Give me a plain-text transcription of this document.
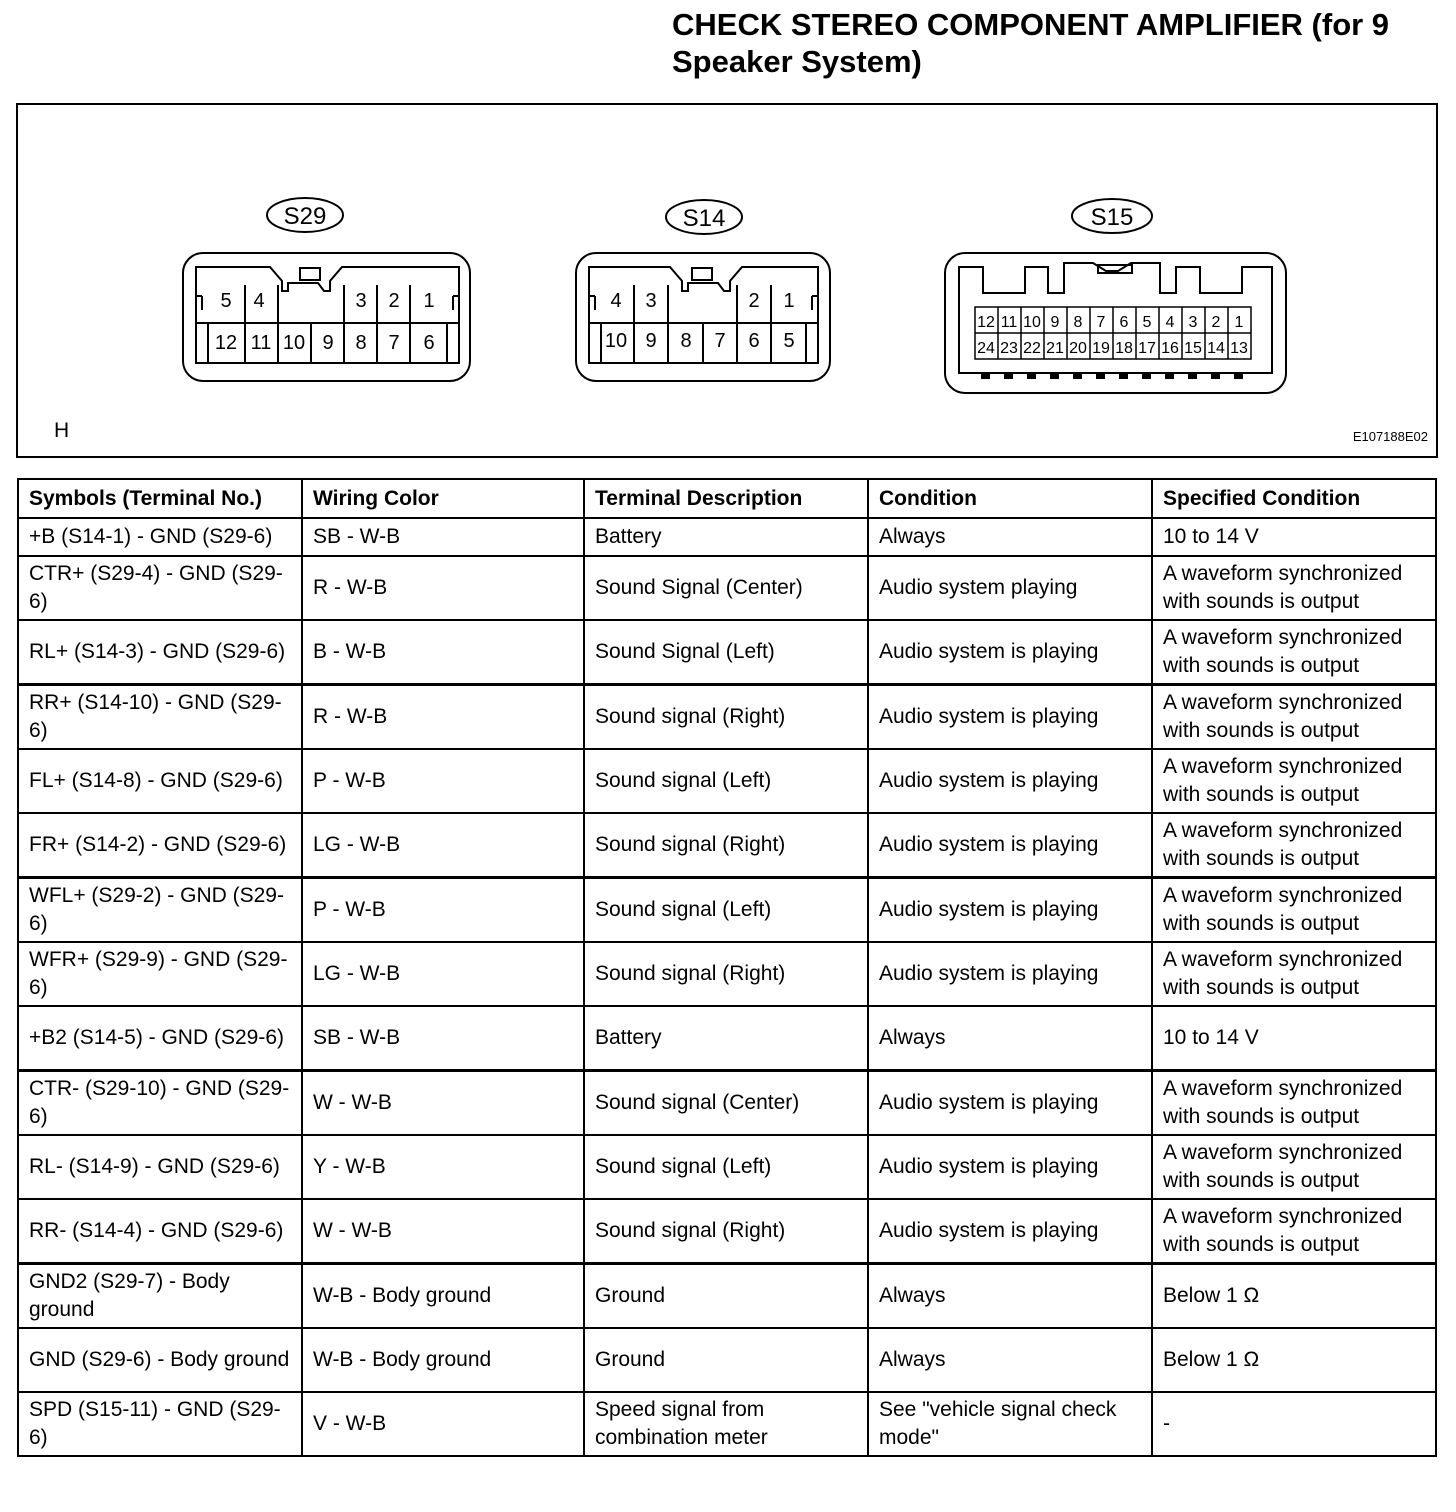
CHECK STEREO COMPONENT AMPLIFIER (for 9 Speaker System)
S29
5 4	3 2 1
12 11 10 9 8 7 6
S14
4 3	2 1
10 9 8 7 6 5
S15
12 11 10 9 8 7 6 5 4 3 2 1
24 23 22 21 20 19 18 17 16 15 14 13
H	E107188E02
Symbols (Terminal No.)	Wiring Color	Terminal Description	Condition	Specified Condition
+B (S14-1) - GND (S29-6)	SB - W-B	Battery	Always	10 to 14 V
CTR+ (S29-4) - GND (S29-6)	R - W-B	Sound Signal (Center)	Audio system playing	A waveform synchronized with sounds is output
RL+ (S14-3) - GND (S29-6)	B - W-B	Sound Signal (Left)	Audio system is playing	A waveform synchronized with sounds is output
RR+ (S14-10) - GND (S29-6)	R - W-B	Sound signal (Right)	Audio system is playing	A waveform synchronized with sounds is output
FL+ (S14-8) - GND (S29-6)	P - W-B	Sound signal (Left)	Audio system is playing	A waveform synchronized with sounds is output
FR+ (S14-2) - GND (S29-6)	LG - W-B	Sound signal (Right)	Audio system is playing	A waveform synchronized with sounds is output
WFL+ (S29-2) - GND (S29-6)	P - W-B	Sound signal (Left)	Audio system is playing	A waveform synchronized with sounds is output
WFR+ (S29-9) - GND (S29-6)	LG - W-B	Sound signal (Right)	Audio system is playing	A waveform synchronized with sounds is output
+B2 (S14-5) - GND (S29-6)	SB - W-B	Battery	Always	10 to 14 V
CTR- (S29-10) - GND (S29-6)	W - W-B	Sound signal (Center)	Audio system is playing	A waveform synchronized with sounds is output
RL- (S14-9) - GND (S29-6)	Y - W-B	Sound signal (Left)	Audio system is playing	A waveform synchronized with sounds is output
RR- (S14-4) - GND (S29-6)	W - W-B	Sound signal (Right)	Audio system is playing	A waveform synchronized with sounds is output
GND2 (S29-7) - Body ground	W-B - Body ground	Ground	Always	Below 1 Ω
GND (S29-6) - Body ground	W-B - Body ground	Ground	Always	Below 1 Ω
SPD (S15-11) - GND (S29-6)	V - W-B	Speed signal from combination meter	See "vehicle signal check mode"	-
